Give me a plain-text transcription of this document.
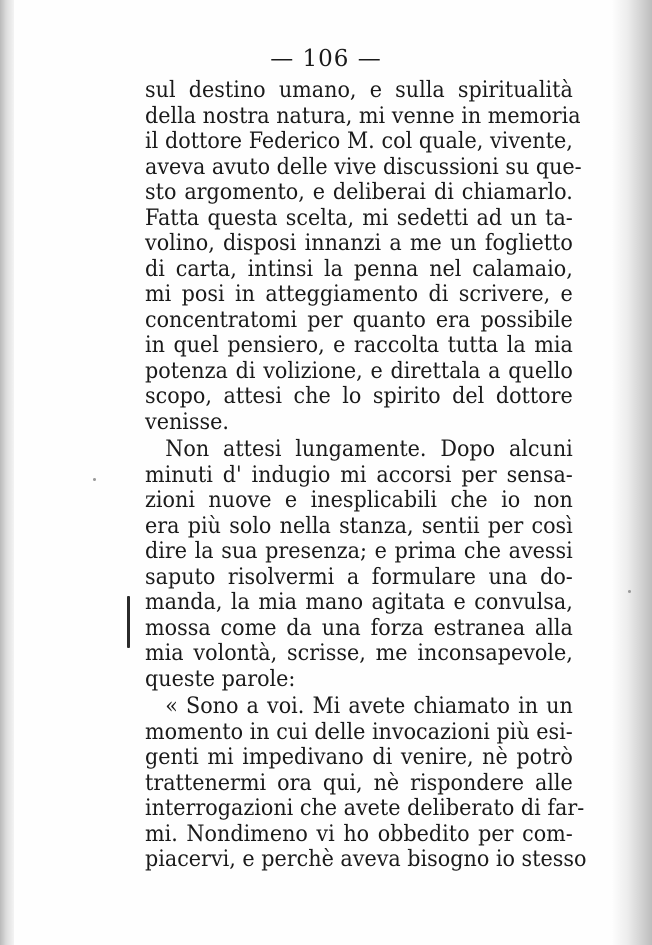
— 106 —
sul destino umano, e sulla spiritualità
della nostra natura, mi venne in memoria
il dottore Federico M. col quale, vivente,
aveva avuto delle vive discussioni su que-
sto argomento, e deliberai di chiamarlo.
Fatta questa scelta, mi sedetti ad un ta-
volino, disposi innanzi a me un foglietto
di carta, intinsi la penna nel calamaio,
mi posi in atteggiamento di scrivere, e
concentratomi per quanto era possibile
in quel pensiero, e raccolta tutta la mia
potenza di volizione, e direttala a quello
scopo, attesi che lo spirito del dottore
venisse.
Non attesi lungamente. Dopo alcuni
minuti d' indugio mi accorsi per sensa-
zioni nuove e inesplicabili che io non
era più solo nella stanza, sentii per così
dire la sua presenza; e prima che avessi
saputo risolvermi a formulare una do-
manda, la mia mano agitata e convulsa,
mossa come da una forza estranea alla
mia volontà, scrisse, me inconsapevole,
queste parole:
« Sono a voi. Mi avete chiamato in un
momento in cui delle invocazioni più esi-
genti mi impedivano di venire, nè potrò
trattenermi ora qui, nè rispondere alle
interrogazioni che avete deliberato di far-
mi. Nondimeno vi ho obbedito per com-
piacervi, e perchè aveva bisogno io stesso
